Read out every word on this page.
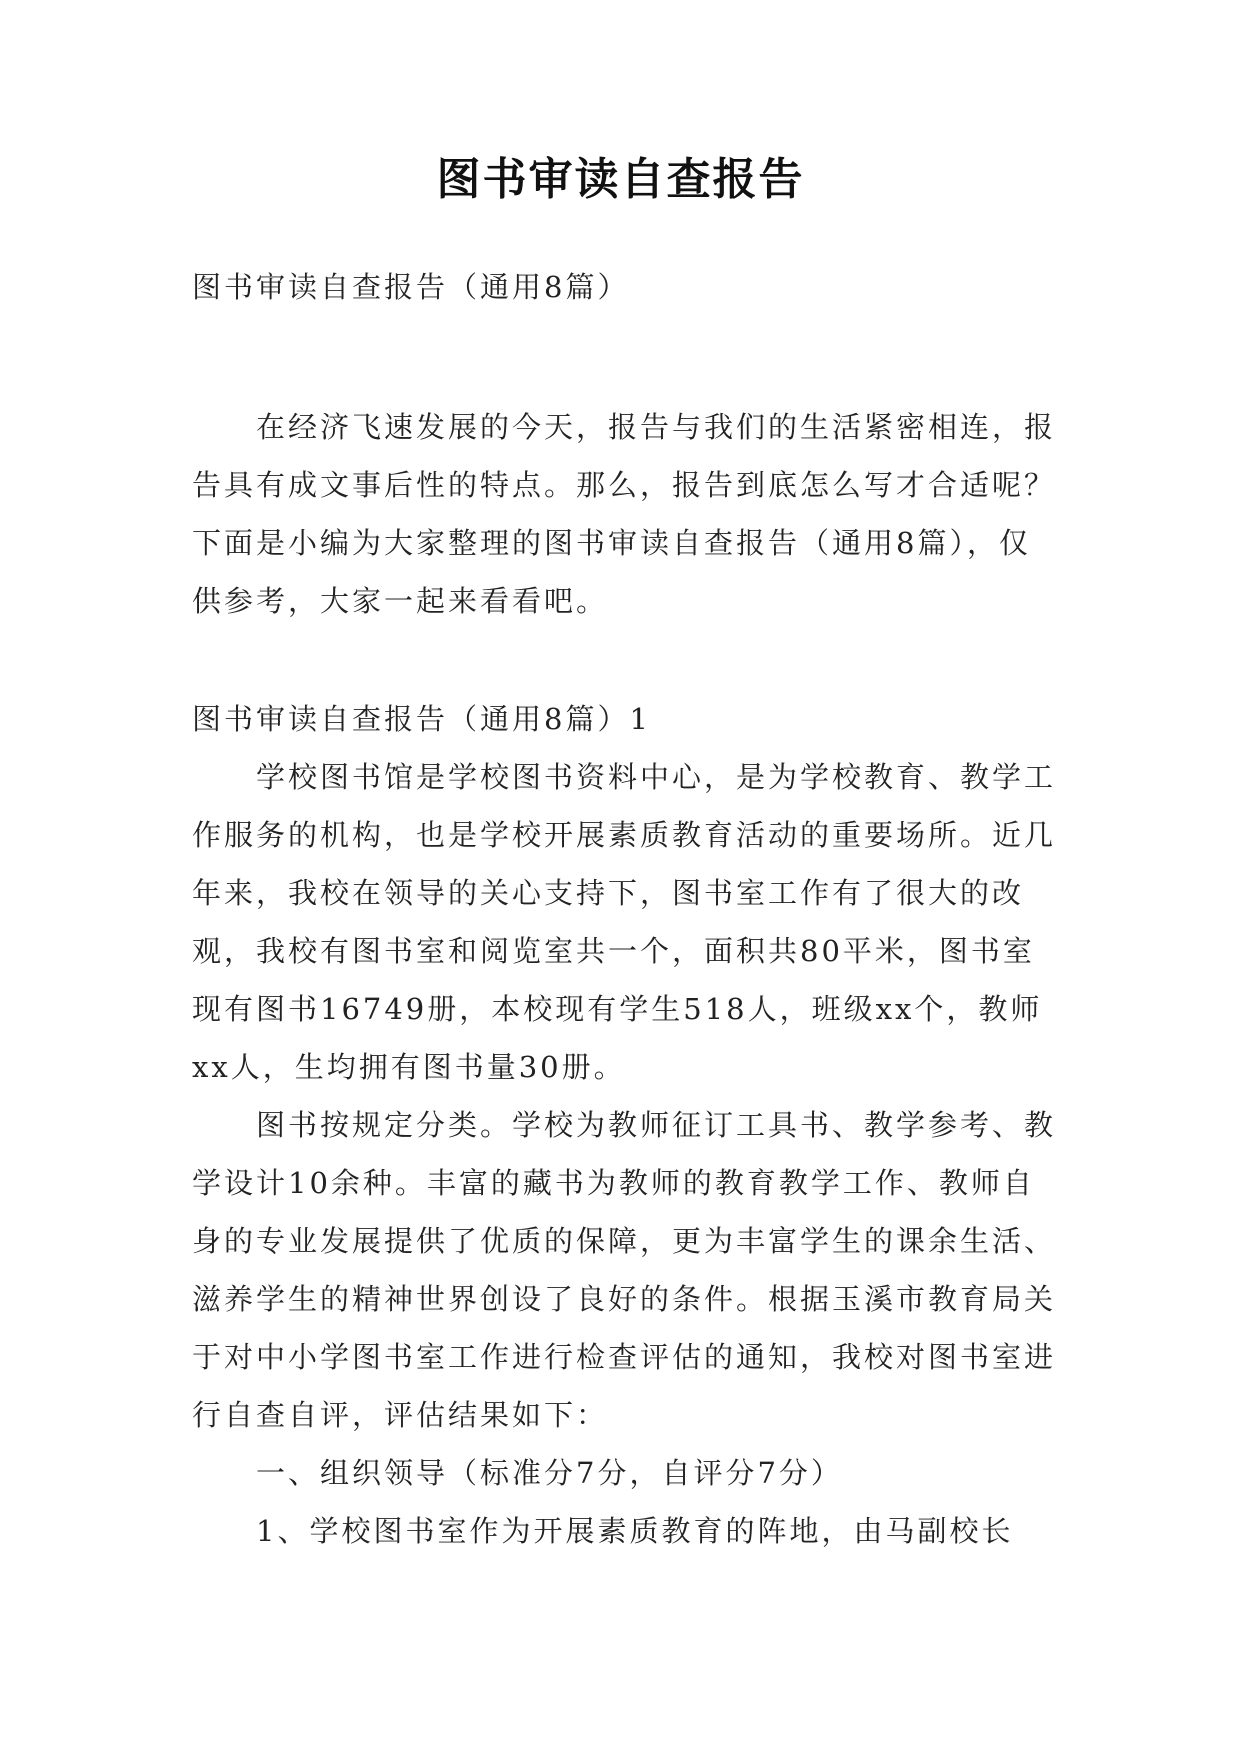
图书审读自查报告

图书审读自查报告（通用8篇）

在经济飞速发展的今天，报告与我们的生活紧密相连，报告具有成文事后性的特点。那么，报告到底怎么写才合适呢？下面是小编为大家整理的图书审读自查报告（通用8篇），仅供参考，大家一起来看看吧。

图书审读自查报告（通用8篇）1

学校图书馆是学校图书资料中心，是为学校教育、教学工作服务的机构，也是学校开展素质教育活动的重要场所。近几年来，我校在领导的关心支持下，图书室工作有了很大的改观，我校有图书室和阅览室共一个，面积共80平米，图书室现有图书16749册，本校现有学生518人，班级xx个，教师xx人，生均拥有图书量30册。

图书按规定分类。学校为教师征订工具书、教学参考、教学设计10余种。丰富的藏书为教师的教育教学工作、教师自身的专业发展提供了优质的保障，更为丰富学生的课余生活、滋养学生的精神世界创设了良好的条件。根据玉溪市教育局关于对中小学图书室工作进行检查评估的通知，我校对图书室进行自查自评，评估结果如下：

一、组织领导（标准分7分，自评分7分）

1、学校图书室作为开展素质教育的阵地，由马副校长
